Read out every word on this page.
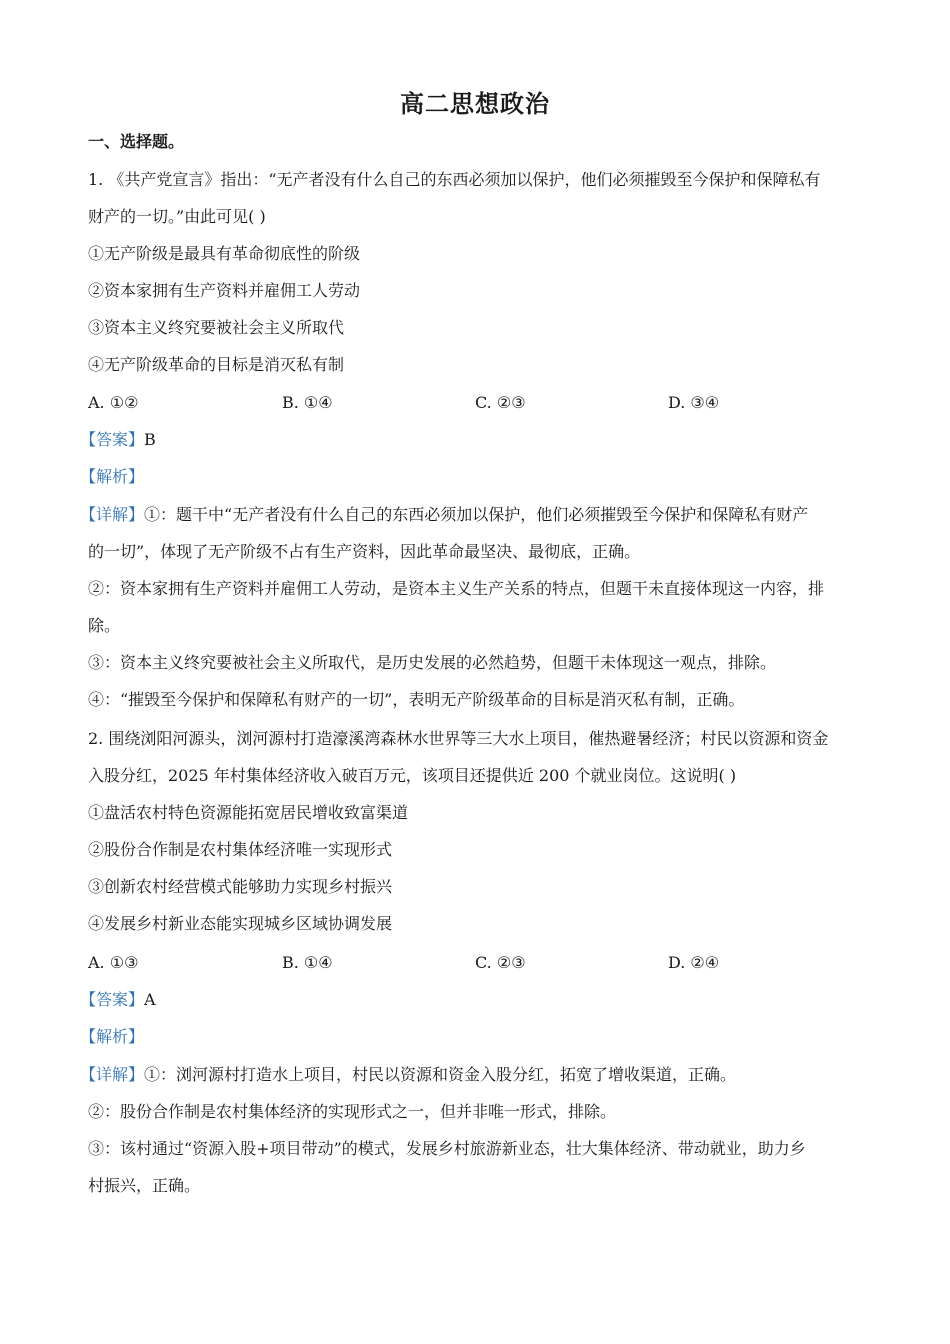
高二思想政治
一、选择题。
1. 《共产党宣言》指出：“无产者没有什么自己的东西必须加以保护，他们必须摧毁至今保护和保障私有
财产的一切。”由此可见( )
①无产阶级是最具有革命彻底性的阶级
②资本家拥有生产资料并雇佣工人劳动
③资本主义终究要被社会主义所取代
④无产阶级革命的目标是消灭私有制
A. ①②	B. ①④	C. ②③	D. ③④
【答案】B
【解析】
【详解】①：题干中“无产者没有什么自己的东西必须加以保护，他们必须摧毁至今保护和保障私有财产
的一切”，体现了无产阶级不占有生产资料，因此革命最坚决、最彻底，正确。
②：资本家拥有生产资料并雇佣工人劳动，是资本主义生产关系的特点，但题干未直接体现这一内容，排
除。
③：资本主义终究要被社会主义所取代，是历史发展的必然趋势，但题干未体现这一观点，排除。
④：“摧毁至今保护和保障私有财产的一切”，表明无产阶级革命的目标是消灭私有制，正确。
2. 围绕浏阳河源头，浏河源村打造濠溪湾森林水世界等三大水上项目，催热避暑经济；村民以资源和资金
入股分红，2025 年村集体经济收入破百万元，该项目还提供近 200 个就业岗位。这说明( )
①盘活农村特色资源能拓宽居民增收致富渠道
②股份合作制是农村集体经济唯一实现形式
③创新农村经营模式能够助力实现乡村振兴
④发展乡村新业态能实现城乡区域协调发展
A. ①③	B. ①④	C. ②③	D. ②④
【答案】A
【解析】
【详解】①：浏河源村打造水上项目，村民以资源和资金入股分红，拓宽了增收渠道，正确。
②：股份合作制是农村集体经济的实现形式之一，但并非唯一形式，排除。
③：该村通过“资源入股+项目带动”的模式，发展乡村旅游新业态，壮大集体经济、带动就业，助力乡
村振兴，正确。
